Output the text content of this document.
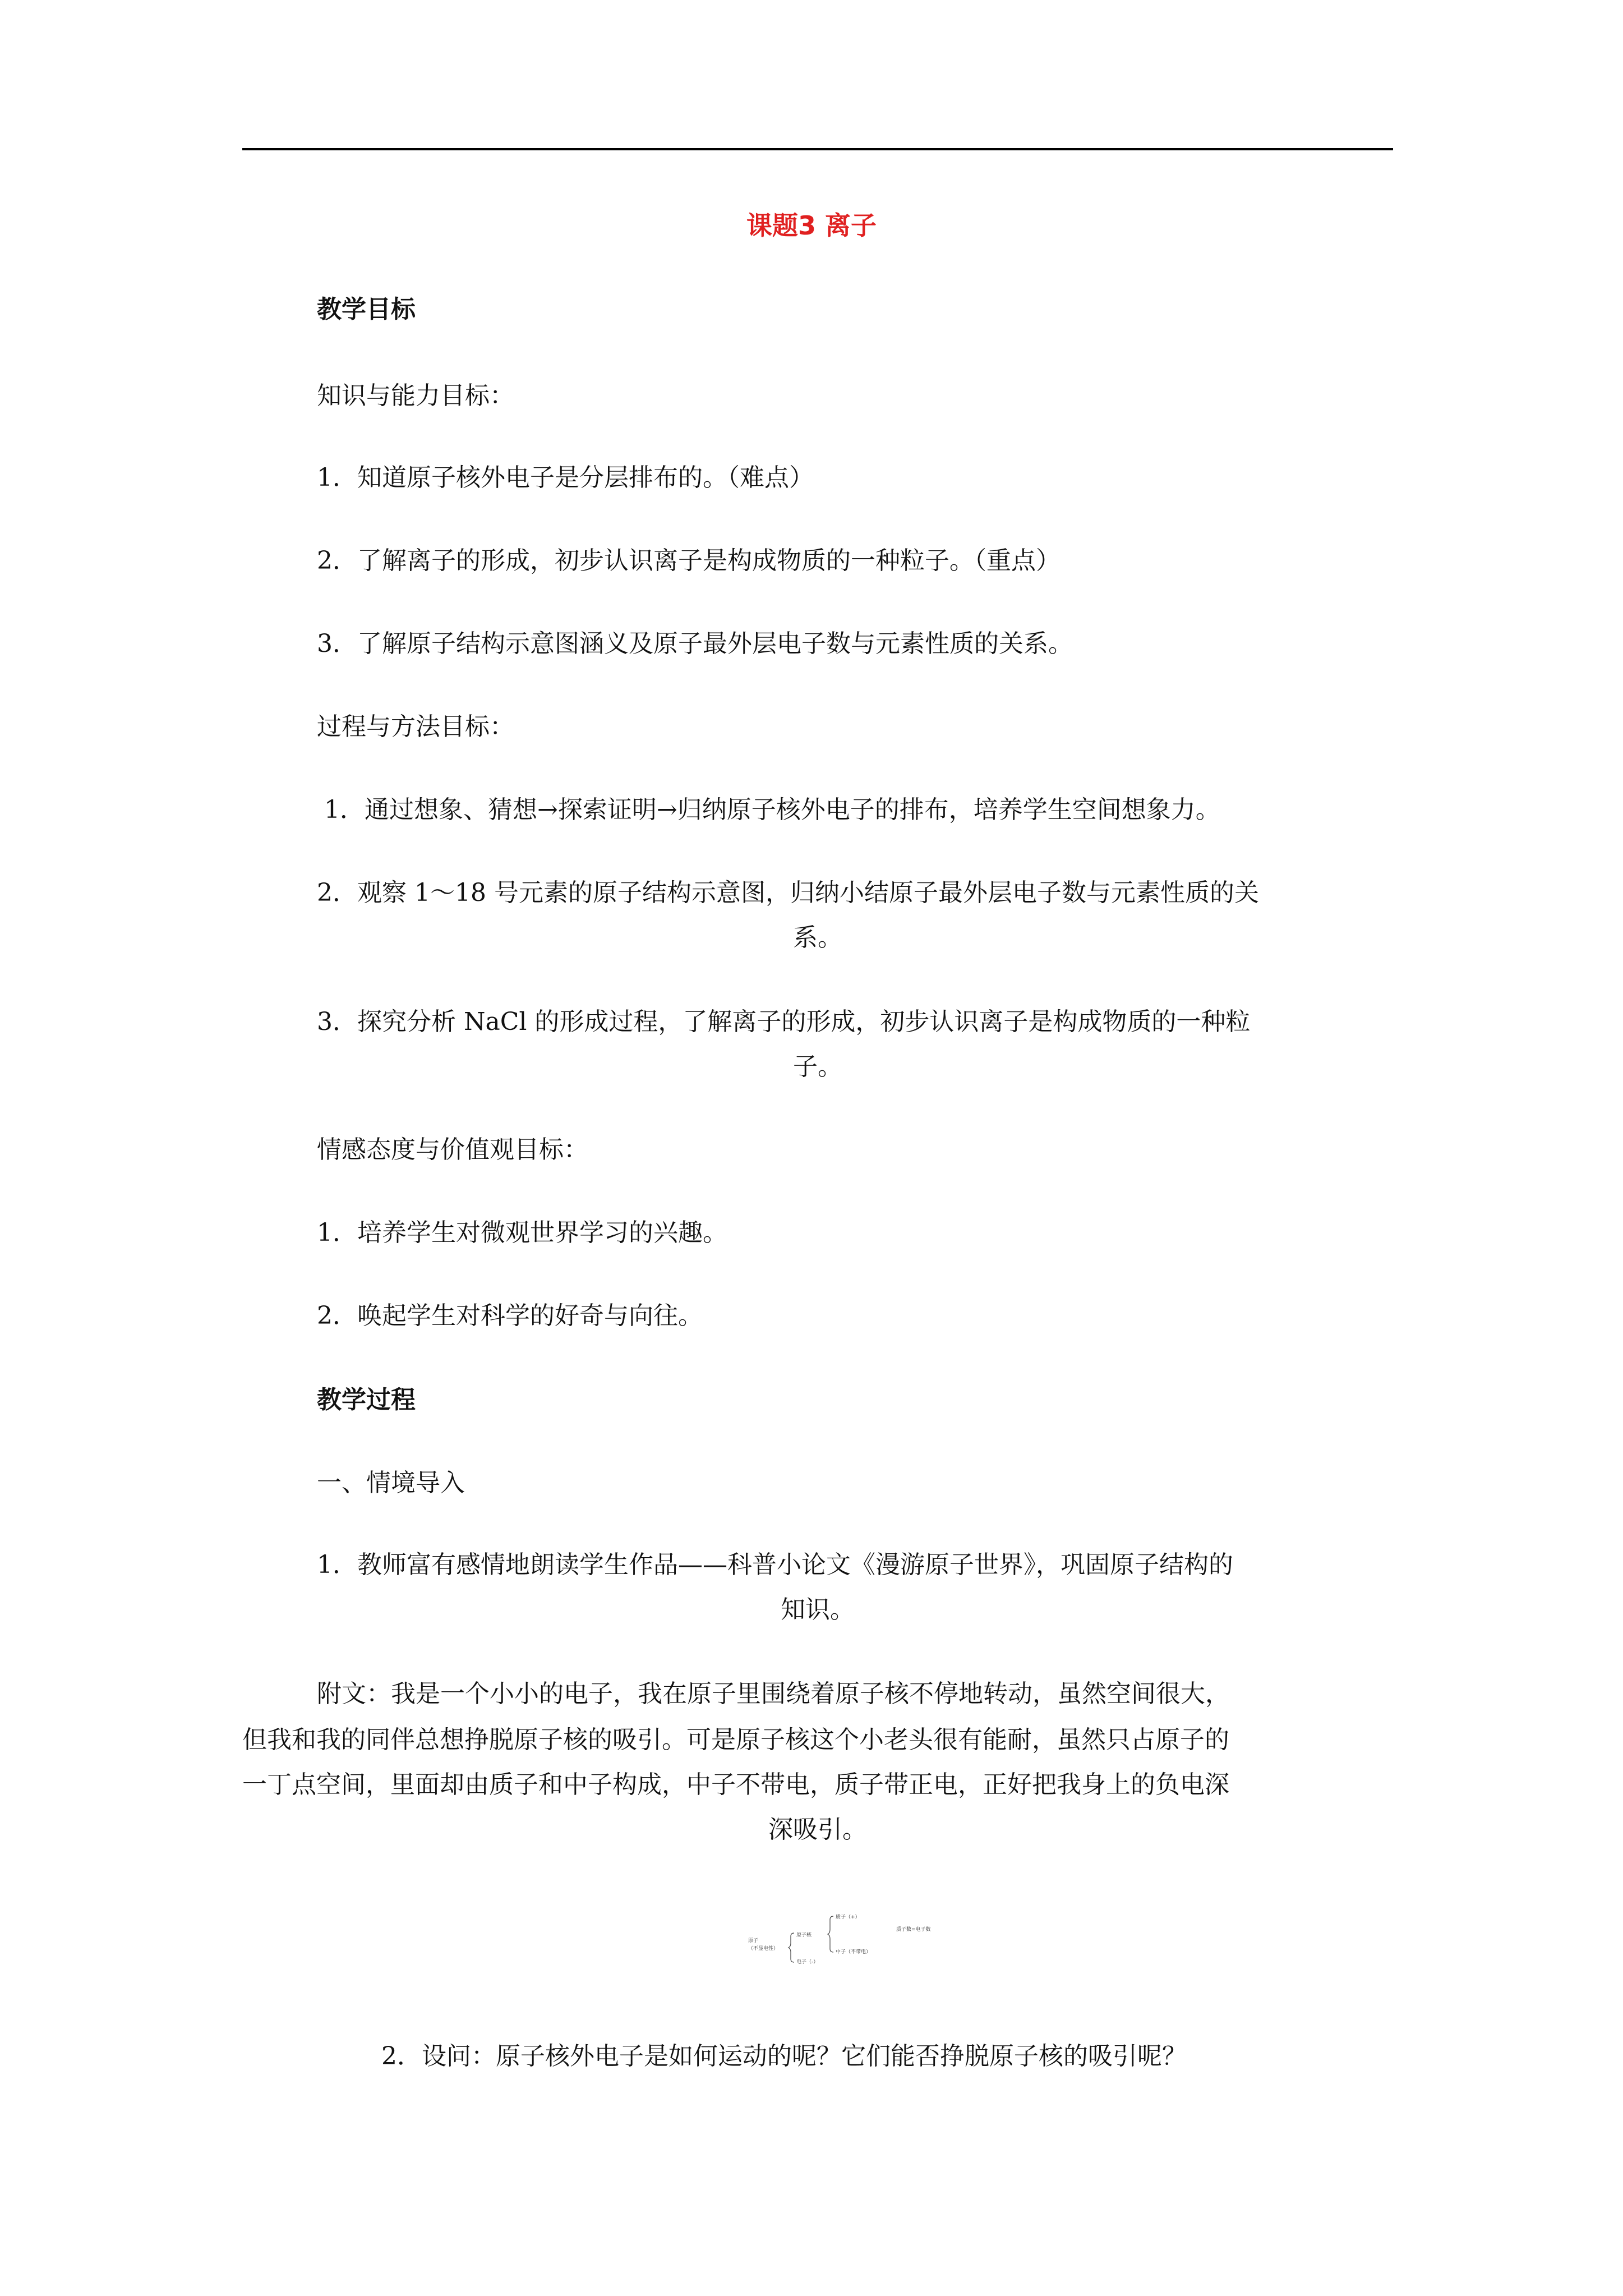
课题3 离子
教学目标
知识与能力目标：
1．知道原子核外电子是分层排布的。（难点）
2．了解离子的形成，初步认识离子是构成物质的一种粒子。（重点）
3．了解原子结构示意图涵义及原子最外层电子数与元素性质的关系。
过程与方法目标：
1．通过想象、猜想→探索证明→归纳原子核外电子的排布，培养学生空间想象力。
2．观察 1～18 号元素的原子结构示意图，归纳小结原子最外层电子数与元素性质的关
系。
3．探究分析 NaCl 的形成过程，了解离子的形成，初步认识离子是构成物质的一种粒
子。
情感态度与价值观目标：
1．培养学生对微观世界学习的兴趣。
2．唤起学生对科学的好奇与向往。
教学过程
一、情境导入
1．教师富有感情地朗读学生作品——科普小论文《漫游原子世界》，巩固原子结构的
知识。
附文：我是一个小小的电子，我在原子里围绕着原子核不停地转动，虽然空间很大，
但我和我的同伴总想挣脱原子核的吸引。可是原子核这个小老头很有能耐，虽然只占原子的
一丁点空间，里面却由质子和中子构成，中子不带电，质子带正电，正好把我身上的负电深
深吸引。
原子
（不显电性）
原子核
电子（-）
质子（+）
中子（不带电）
质子数=电子数
2．设问：原子核外电子是如何运动的呢？它们能否挣脱原子核的吸引呢？
